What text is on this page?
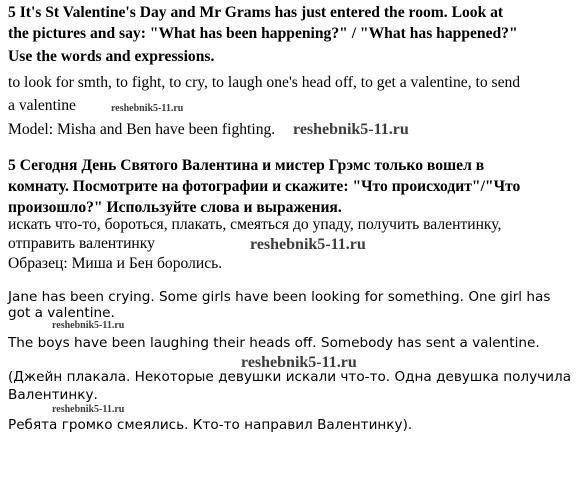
5 It's St Valentine's Day and Mr Grams has just entered the room. Look at
the pictures and say: "What has been happening?" / "What has happened?"
Use the words and expressions.
to look for smth, to fight, to cry, to laugh one's head off, to get a valentine, to send
a valentine	reshebnik5-11.ru
Model: Misha and Ben have been fighting. reshebnik5-11.ru
5 Сегодня День Святого Валентина и мистер Грэмс только вошел в
комнату. Посмотрите на фотографии и скажите: "Что происходит"/"Что
произошло?" Используйте слова и выражения.
искать что-то, бороться, плакать, смеяться до упаду, получить валентинку,
отправить валентинку	reshebnik5-11.ru
Образец: Миша и Бен боролись.
Jane has been crying. Some girls have been looking for something. One girl has
got a valentine.
reshebnik5-11.ru
The boys have been laughing their heads off. Somebody has sent a valentine.
reshebnik5-11.ru
(Джейн плакала. Некоторые девушки искали что-то. Одна девушка получила
Валентинку.
reshebnik5-11.ru
Ребята громко смеялись. Кто-то направил Валентинку).
